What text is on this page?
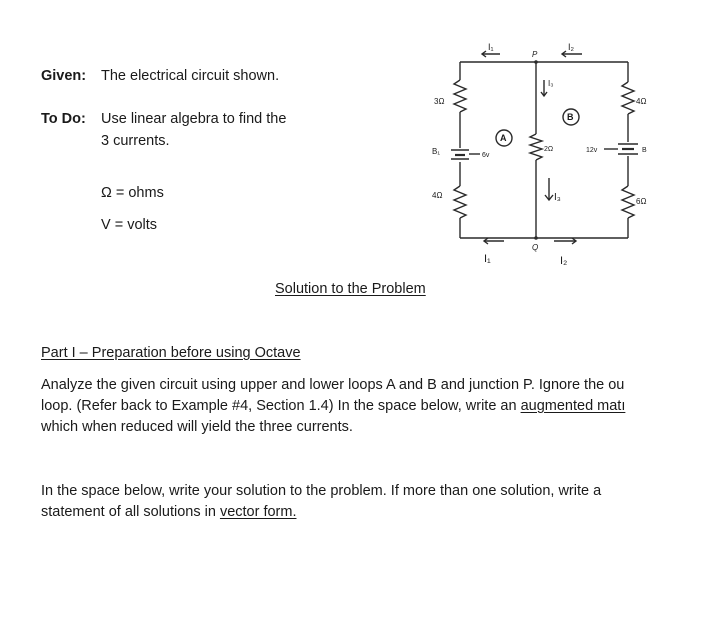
Given: The electrical circuit shown.
To Do: Use linear algebra to find the
3 currents.
Ω = ohms
V = volts
Solution to the Problem
Part I – Preparation before using Octave
Analyze the given circuit using upper and lower loops A and B and junction P. Ignore the ou
loop. (Refer back to Example #4, Section 1.4) In the space below, write an augmented matı
which when reduced will yield the three currents.
In the space below, write your solution to the problem. If more than one solution, write a
statement of all solutions in vector form.
I₁
P
I₂
I₃
3Ω	4Ω
A
B
B₁	6v
2Ω	12v	B
4Ω
6Ω
I₃
Q
I₁	I₂
